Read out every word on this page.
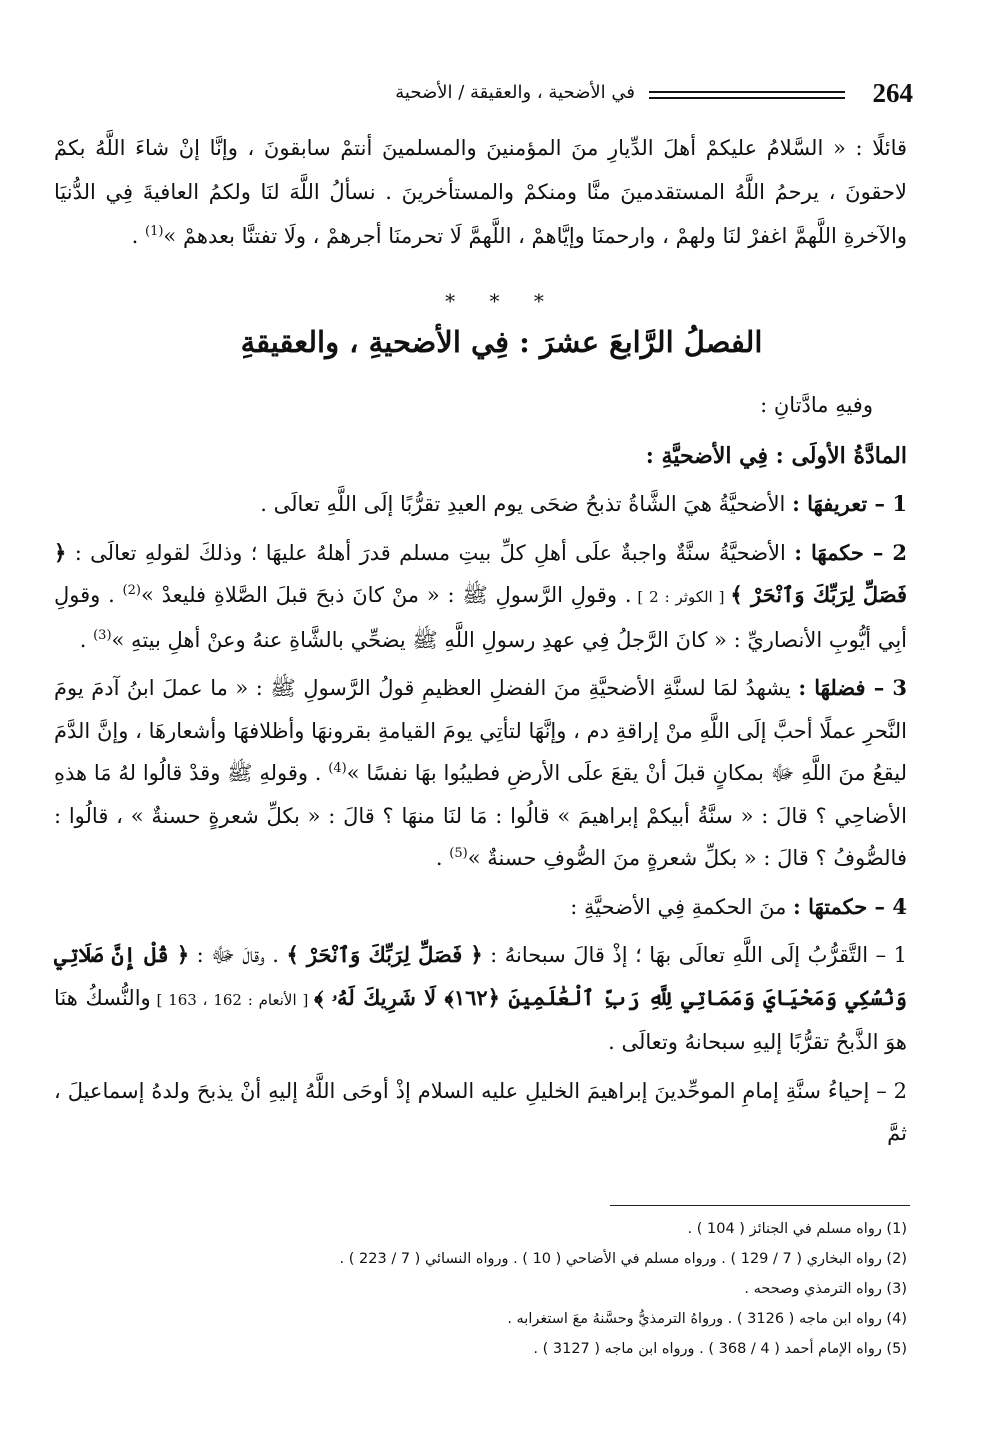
264
في الأضحية ، والعقيقة / الأضحية

قائلًا : « السَّلامُ عليكمْ أهلَ الدِّيارِ منَ المؤمنينَ والمسلمينَ أنتمْ سابقونَ ، وإنَّا إنْ شاءَ اللَّهُ بكمْ لاحقونَ ، يرحمُ اللَّهُ المستقدمينَ منَّا ومنكمْ والمستأخرينَ . نسألُ اللَّهَ لنَا ولكمُ العافيةَ فِي الدُّنيَا والآخرةِ اللَّهمَّ اغفرْ لنَا ولهمْ ، وارحمنَا وإيَّاهمْ ، اللَّهمَّ لَا تحرمنَا أجرهمْ ، ولَا تفتنَّا بعدهمْ »$^{(1)}$ .

* * *
الفصلُ الرَّابعَ عشرَ : فِي الأضحيةِ ، والعقيقةِ

وفيهِ مادَّتانِ :

المادَّةُ الأولَى : فِي الأضحيَّةِ :

1 – تعريفهَا : الأضحيَّةُ هيَ الشَّاةُ تذبحُ ضحَى يوم العيدِ تقرُّبًا إلَى اللَّهِ تعالَى .

2 – حكمهَا : الأضحيَّةُ سنَّةٌ واجبةٌ علَى أهلِ كلِّ بيتِ مسلم قدرَ أهلهُ عليهَا ؛ وذلكَ لقولهِ تعالَى : ﴿ فَصَلِّ لِرَبِّكَ وَٱنْحَرْ ﴾ [ الكوثر : 2 ] . وقولِ الرَّسولِ ﷺ : « منْ كانَ ذبحَ قبلَ الصَّلاةِ فليعدْ »$^{(2)}$ . وقولِ أبِي أيُّوبِ الأنصاريِّ : « كانَ الرَّجلُ فِي عهدِ رسولِ اللَّهِ ﷺ يضحِّي بالشَّاةِ عنهُ وعنْ أهلِ بيتهِ »$^{(3)}$ .

3 – فضلهَا : يشهدُ لمَا لسنَّةِ الأضحيَّةِ منَ الفضلِ العظيمِ قولُ الرَّسولِ ﷺ : « ما عملَ ابنُ آدمَ يومَ النَّحرِ عملًا أحبَّ إلَى اللَّهِ منْ إراقةِ دم ، وإنَّهَا لتأتِي يومَ القيامةِ بقرونهَا وأظلافهَا وأشعارهَا ، وإنَّ الدَّمَ ليقعُ منَ اللَّهِ ﷻ بمكانٍ قبلَ أنْ يقعَ علَى الأرضِ فطيبُوا بهَا نفسًا »$^{(4)}$ . وقولهِ ﷺ وقدْ قالُوا لهُ مَا هذهِ الأضاحِي ؟ قالَ : « سنَّةُ أبيكمْ إبراهيمَ » قالُوا : مَا لنَا منهَا ؟ قالَ : « بكلِّ شعرةٍ حسنةٌ » ، قالُوا : فالصُّوفُ ؟ قالَ : « بكلِّ شعرةٍ منَ الصُّوفِ حسنةٌ »$^{(5)}$ .

4 – حكمتهَا : منَ الحكمةِ فِي الأضحيَّةِ :

1 – التَّقرُّبُ إلَى اللَّهِ تعالَى بهَا ؛ إذْ قالَ سبحانهُ : ﴿ فَصَلِّ لِرَبِّكَ وَٱنْحَرْ ﴾ . وقالَ ﷻ : ﴿ قُلْ إِنَّ صَلَاتِي وَنُسُكِي وَمَحْيَايَ وَمَمَاتِي لِلَّهِ رَبِّ ٱلْعَٰلَمِينَ ﴿١٦٢﴾ لَا شَرِيكَ لَهُۥ ﴾ [ الأنعام : 162 ، 163 ] والنُّسكُ هنَا هوَ الذَّبحُ تقرُّبًا إليهِ سبحانهُ وتعالَى .

2 – إحياءُ سنَّةِ إمامِ الموحِّدينَ إبراهيمَ الخليلِ عليه السلام إذْ أوحَى اللَّهُ إليهِ أنْ يذبحَ ولدهُ إسماعيلَ ، ثمَّ

(1) رواه مسلم في الجنائز ( 104 ) .

(2) رواه البخاري ( 7 / 129 ) . ورواه مسلم في الأضاحي ( 10 ) . ورواه النسائي ( 7 / 223 ) .

(3) رواه الترمذي وصححه .

(4) رواه ابن ماجه ( 3126 ) . ورواهُ الترمذيُّ وحسَّنهُ معَ استغرابه .

(5) رواه الإمام أحمد ( 4 / 368 ) . ورواه ابن ماجه ( 3127 ) .
